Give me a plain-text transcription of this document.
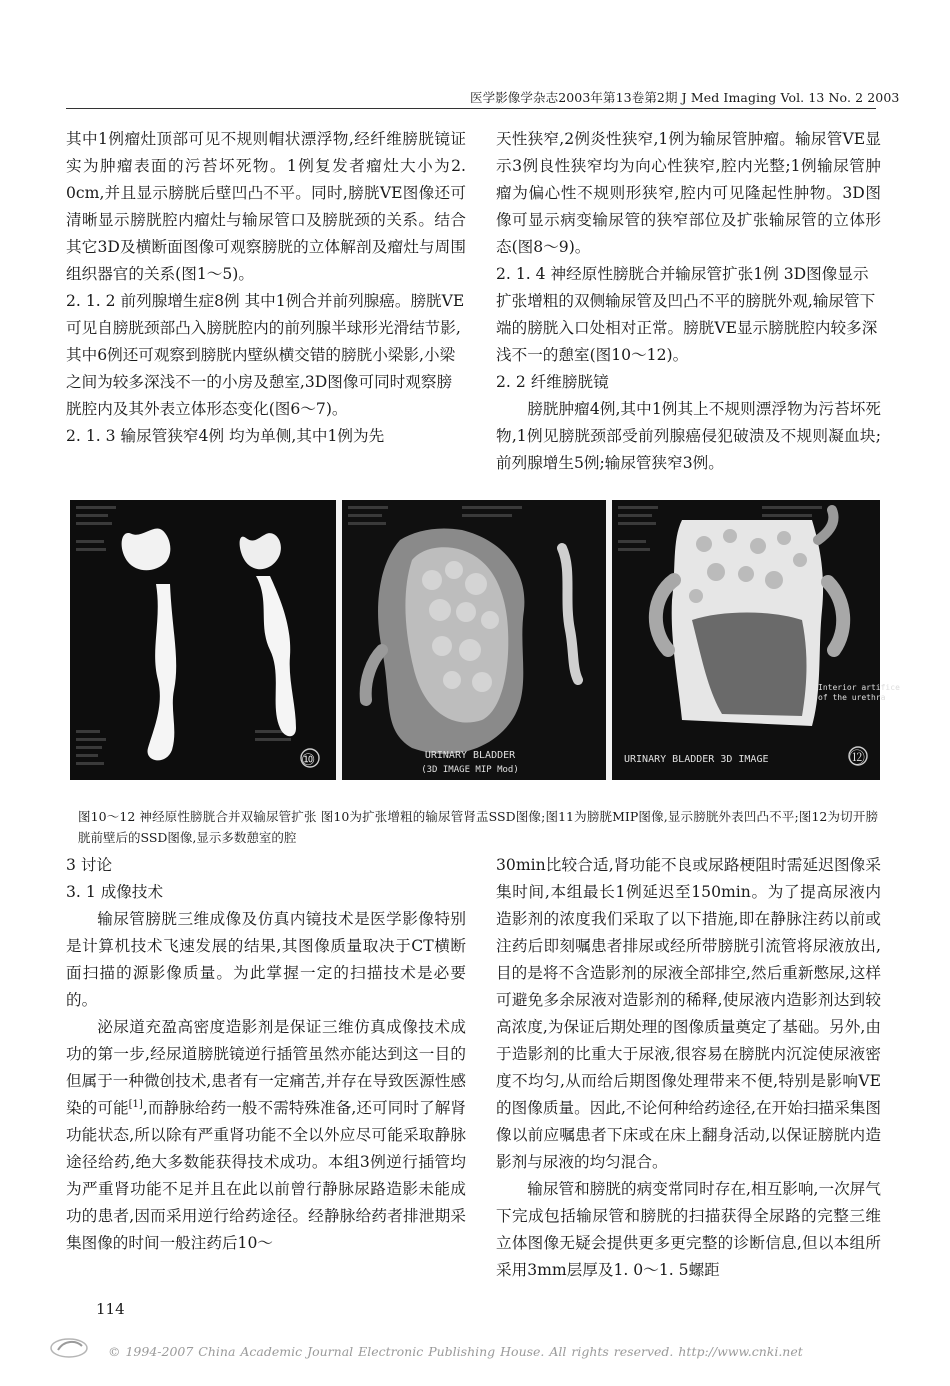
医学影像学杂志2003年第13卷第2期 J Med Imaging Vol. 13 No. 2 2003

其中1例瘤灶顶部可见不规则帽状漂浮物,经纤维膀胱镜证实为肿瘤表面的污苔坏死物。1例复发者瘤灶大小为2. 0cm,并且显示膀胱后壁凹凸不平。同时,膀胱VE图像还可清晰显示膀胱腔内瘤灶与输尿管口及膀胱颈的关系。结合其它3D及横断面图像可观察膀胱的立体解剖及瘤灶与周围组织器官的关系(图1～5)。

2. 1. 2 前列腺增生症8例 其中1例合并前列腺癌。膀胱VE可见自膀胱颈部凸入膀胱腔内的前列腺半球形光滑结节影,其中6例还可观察到膀胱内壁纵横交错的膀胱小梁影,小梁之间为较多深浅不一的小房及憩室,3D图像可同时观察膀胱腔内及其外表立体形态变化(图6～7)。

2. 1. 3 输尿管狭窄4例 均为单侧,其中1例为先

天性狭窄,2例炎性狭窄,1例为输尿管肿瘤。输尿管VE显示3例良性狭窄均为向心性狭窄,腔内光整;1例输尿管肿瘤为偏心性不规则形狭窄,腔内可见隆起性肿物。3D图像可显示病变输尿管的狭窄部位及扩张输尿管的立体形态(图8～9)。

2. 1. 4 神经原性膀胱合并输尿管扩张1例 3D图像显示扩张增粗的双侧输尿管及凹凸不平的膀胱外观,输尿管下端的膀胱入口处相对正常。膀胱VE显示膀胱腔内较多深浅不一的憩室(图10～12)。

2. 2 纤维膀胱镜

膀胱肿瘤4例,其中1例其上不规则漂浮物为污苔坏死物,1例见膀胱颈部受前列腺癌侵犯破溃及不规则凝血块;前列腺增生5例;输尿管狭窄3例。

⑩	URINARY BLADDER
(3D IMAGE MIP Mod)
Interior artifice
of the urethra
URINARY BLADDER 3D IMAGE	⑫
图10～12 神经原性膀胱合并双输尿管扩张 图10为扩张增粗的输尿管肾盂SSD图像;图11为膀胱MIP图像,显示膀胱外表凹凸不平;图12为切开膀胱前壁后的SSD图像,显示多数憩室的腔

3 讨论

3. 1 成像技术

输尿管膀胱三维成像及仿真内镜技术是医学影像特别是计算机技术飞速发展的结果,其图像质量取决于CT横断面扫描的源影像质量。为此掌握一定的扫描技术是必要的。

泌尿道充盈高密度造影剂是保证三维仿真成像技术成功的第一步,经尿道膀胱镜逆行插管虽然亦能达到这一目的但属于一种微创技术,患者有一定痛苦,并存在导致医源性感染的可能[1],而静脉给药一般不需特殊准备,还可同时了解肾功能状态,所以除有严重肾功能不全以外应尽可能采取静脉途径给药,绝大多数能获得技术成功。本组3例逆行插管均为严重肾功能不足并且在此以前曾行静脉尿路造影未能成功的患者,因而采用逆行给药途径。经静脉给药者排泄期采集图像的时间一般注药后10～

30min比较合适,肾功能不良或尿路梗阻时需延迟图像采集时间,本组最长1例延迟至150min。为了提高尿液内造影剂的浓度我们采取了以下措施,即在静脉注药以前或注药后即刻嘱患者排尿或经所带膀胱引流管将尿液放出,目的是将不含造影剂的尿液全部排空,然后重新憋尿,这样可避免多余尿液对造影剂的稀释,使尿液内造影剂达到较高浓度,为保证后期处理的图像质量奠定了基础。另外,由于造影剂的比重大于尿液,很容易在膀胱内沉淀使尿液密度不均匀,从而给后期图像处理带来不便,特别是影响VE的图像质量。因此,不论何种给药途径,在开始扫描采集图像以前应嘱患者下床或在床上翻身活动,以保证膀胱内造影剂与尿液的均匀混合。

输尿管和膀胱的病变常同时存在,相互影响,一次屏气下完成包括输尿管和膀胱的扫描获得全尿路的完整三维立体图像无疑会提供更多更完整的诊断信息,但以本组所采用3mm层厚及1. 0～1. 5螺距

114
© 1994-2007 China Academic Journal Electronic Publishing House. All rights reserved. http://www.cnki.net
